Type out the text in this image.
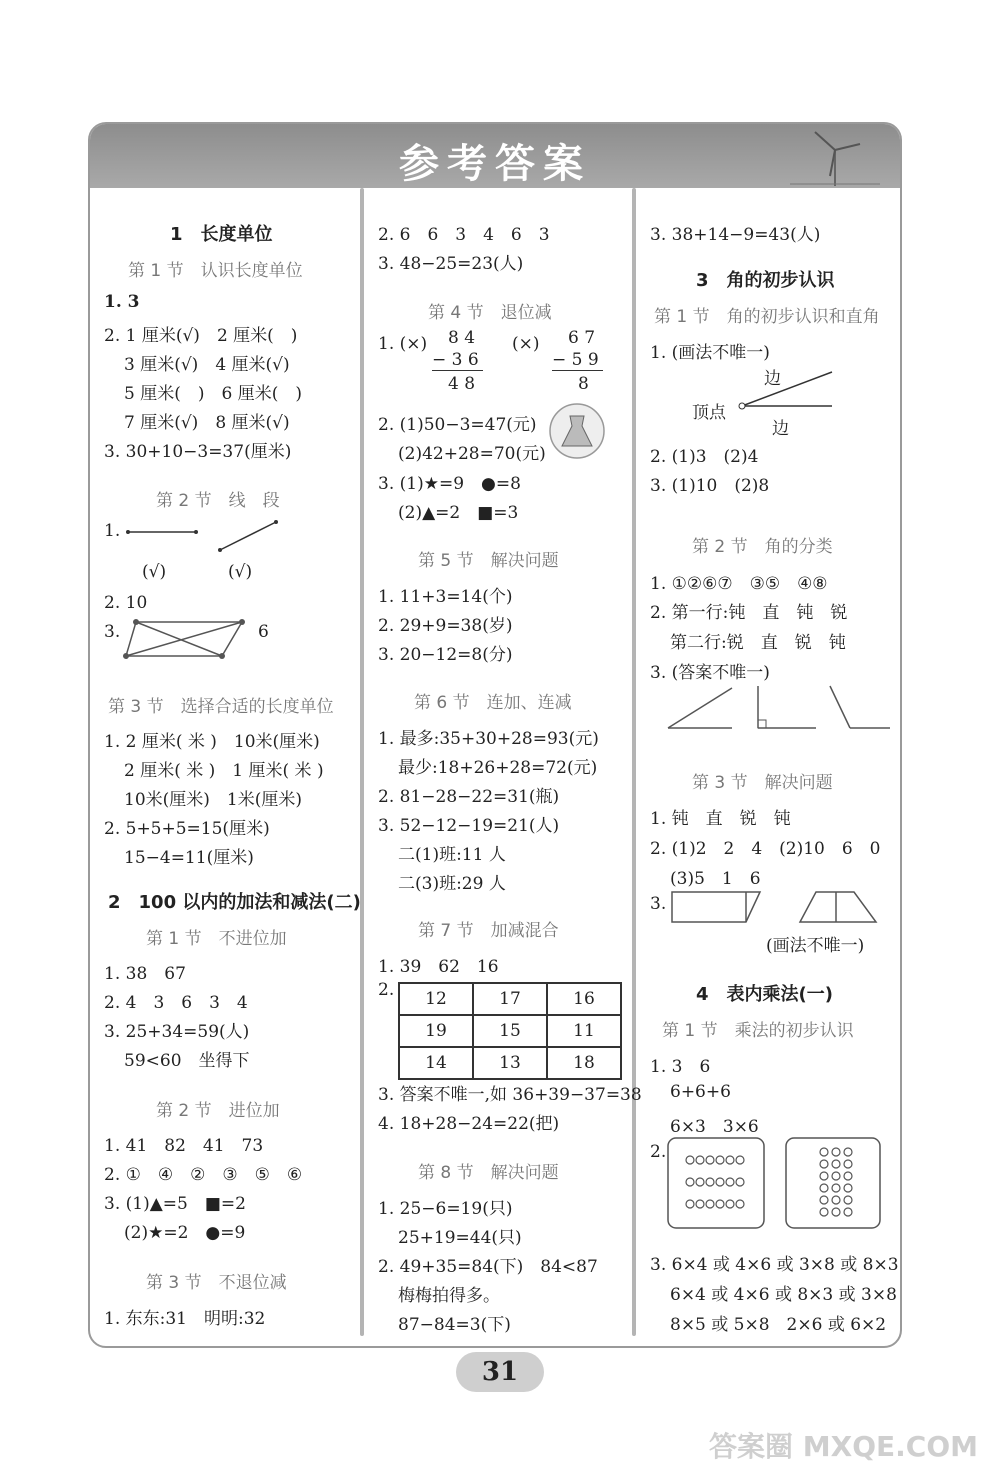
参考答案
1　长度单位
第 1 节　认识长度单位
1. 3
2. 1 厘米(√)　2 厘米(　)
3 厘米(√)　4 厘米(√)
5 厘米(　)　6 厘米(　)
7 厘米(√)　8 厘米(√)
3. 30+10−3=37(厘米)
第 2 节　线　段
1.
(√)	(√)
2. 10
3.	6
第 3 节　选择合适的长度单位
1. 2 厘米( 米 )　10米(厘米)
2 厘米( 米 )　1 厘米( 米 )
10米(厘米)　1米(厘米)
2. 5+5+5=15(厘米)
15−4=11(厘米)
2　100 以内的加法和减法(二)
第 1 节　不进位加
1. 38　67
2. 4　3　6　3　4
3. 25+34=59(人)
59<60　坐得下
第 2 节　进位加
1. 41　82　41　73
2. ①　④　②　③　⑤　⑥
3. (1)▲=5　■=2
(2)★=2　●=9
第 3 节　不退位减
1. 东东:31　明明:32
2. 6　6　3　4　6　3
3. 48−25=23(人)
第 4 节　退位减
1. (×) 8 4
− 3 6
4 8
(×) 6 7
− 5 9
8
2. (1)50−3=47(元)
(2)42+28=70(元)
3. (1)★=9　●=8
(2)▲=2　■=3
第 5 节　解决问题
1. 11+3=14(个)
2. 29+9=38(岁)
3. 20−12=8(分)
第 6 节　连加、连减
1. 最多:35+30+28=93(元)
最少:18+26+28=72(元)
2. 81−28−22=31(瓶)
3. 52−12−19=21(人)
二(1)班:11 人
二(3)班:29 人
第 7 节　加减混合
1. 39　62　16
2. 12	17	16
19	15	11
14	13	18
3. 答案不唯一,如 36+39−37=38
4. 18+28−24=22(把)
第 8 节　解决问题
1. 25−6=19(只)
25+19=44(只)
2. 49+35=84(下)　84<87
梅梅拍得多。
87−84=3(下)
3. 38+14−9=43(人)
3　角的初步认识
第 1 节　角的初步认识和直角
1. (画法不唯一)
边
顶点
边
2. (1)3　(2)4
3. (1)10　(2)8
第 2 节　角的分类
1. ①②⑥⑦　③⑤　④⑧
2. 第一行:钝　直　钝　锐
第二行:锐　直　锐　钝
3. (答案不唯一)
第 3 节　解决问题
1. 钝　直　锐　钝
2. (1)2　2　4　(2)10　6　0
(3)5　1　6
3.
(画法不唯一)
4　表内乘法(一)
第 1 节　乘法的初步认识
1. 3　6
6+6+6
6×3　3×6
2.
3. 6×4 或 4×6 或 3×8 或 8×3
6×4 或 4×6 或 8×3 或 3×8
8×5 或 5×8　2×6 或 6×2
31
答案圈 MXQE.COM
